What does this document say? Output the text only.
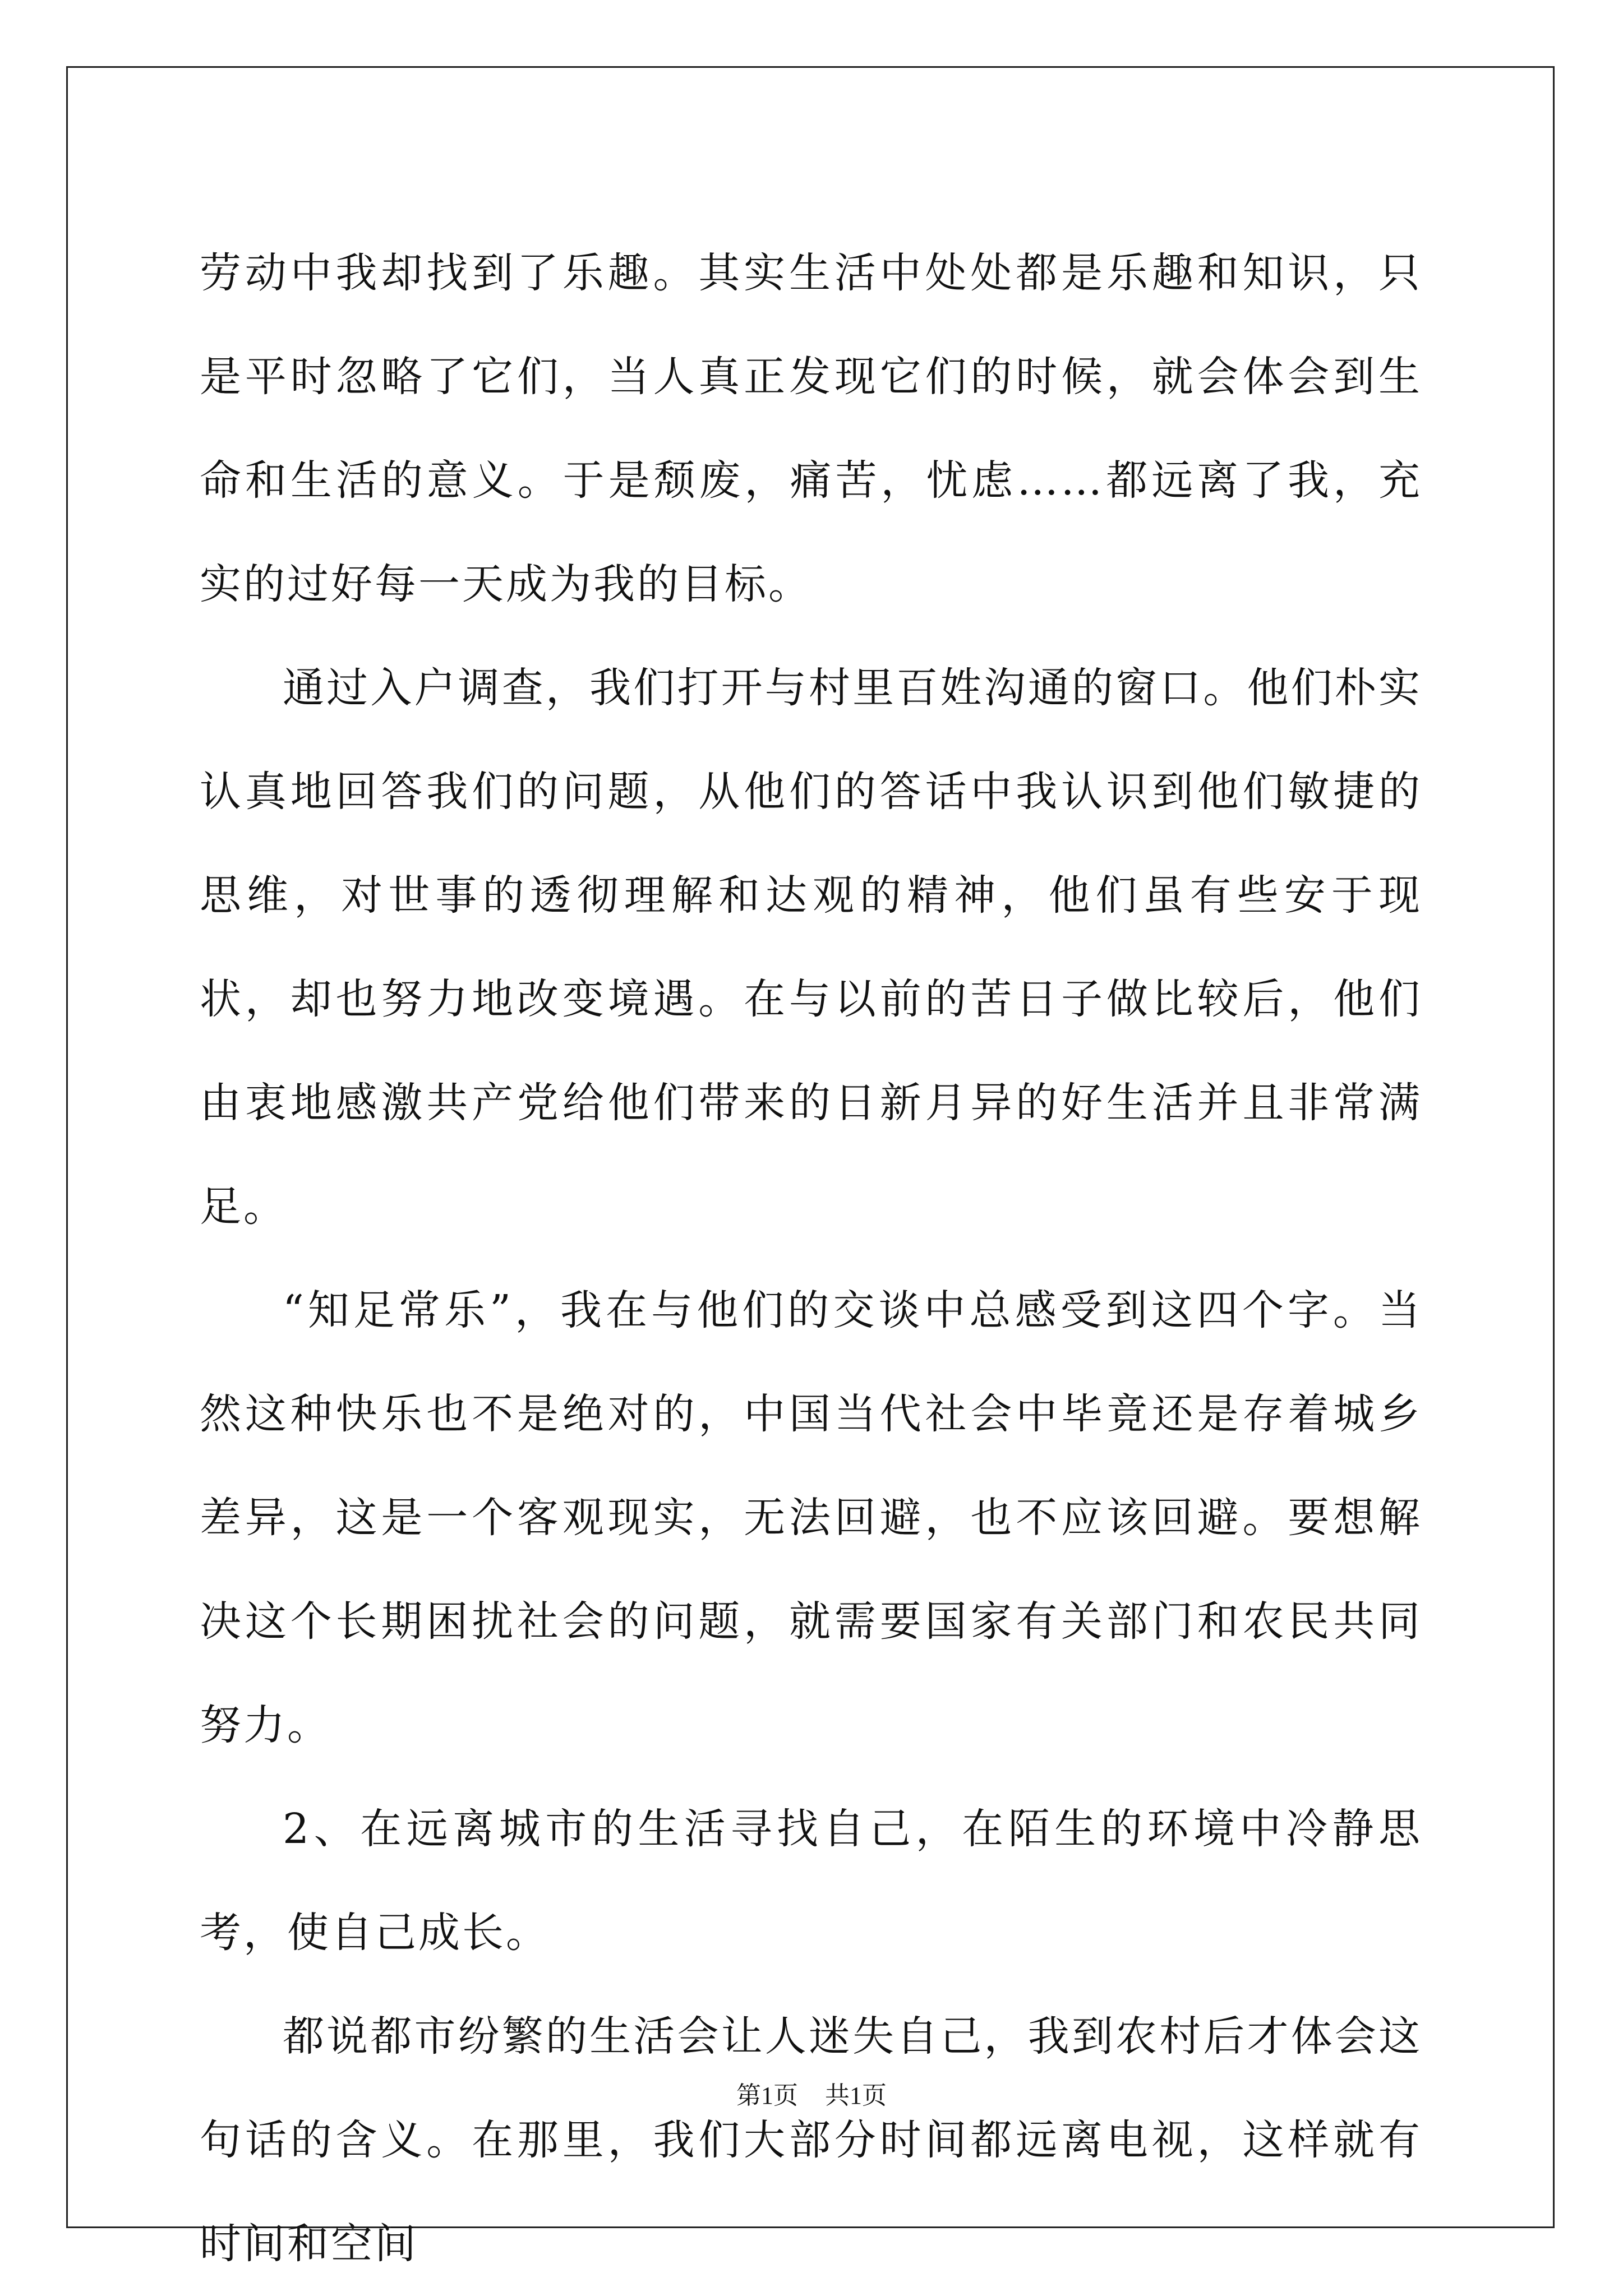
劳动中我却找到了乐趣。其实生活中处处都是乐趣和知识，只是平时忽略了它们，当人真正发现它们的时候，就会体会到生命和生活的意义。于是颓废，痛苦，忧虑……都远离了我，充实的过好每一天成为我的目标。

通过入户调查，我们打开与村里百姓沟通的窗口。他们朴实认真地回答我们的问题，从他们的答话中我认识到他们敏捷的思维，对世事的透彻理解和达观的精神，他们虽有些安于现状，却也努力地改变境遇。在与以前的苦日子做比较后，他们由衷地感激共产党给他们带来的日新月异的好生活并且非常满足。

“知足常乐”，我在与他们的交谈中总感受到这四个字。当然这种快乐也不是绝对的，中国当代社会中毕竟还是存着城乡差异，这是一个客观现实，无法回避，也不应该回避。要想解决这个长期困扰社会的问题，就需要国家有关部门和农民共同努力。

2、在远离城市的生活寻找自己，在陌生的环境中冷静思考，使自己成长。

都说都市纷繁的生活会让人迷失自己，我到农村后才体会这句话的含义。在那里，我们大部分时间都远离电视，这样就有时间和空间

第1页 共1页
